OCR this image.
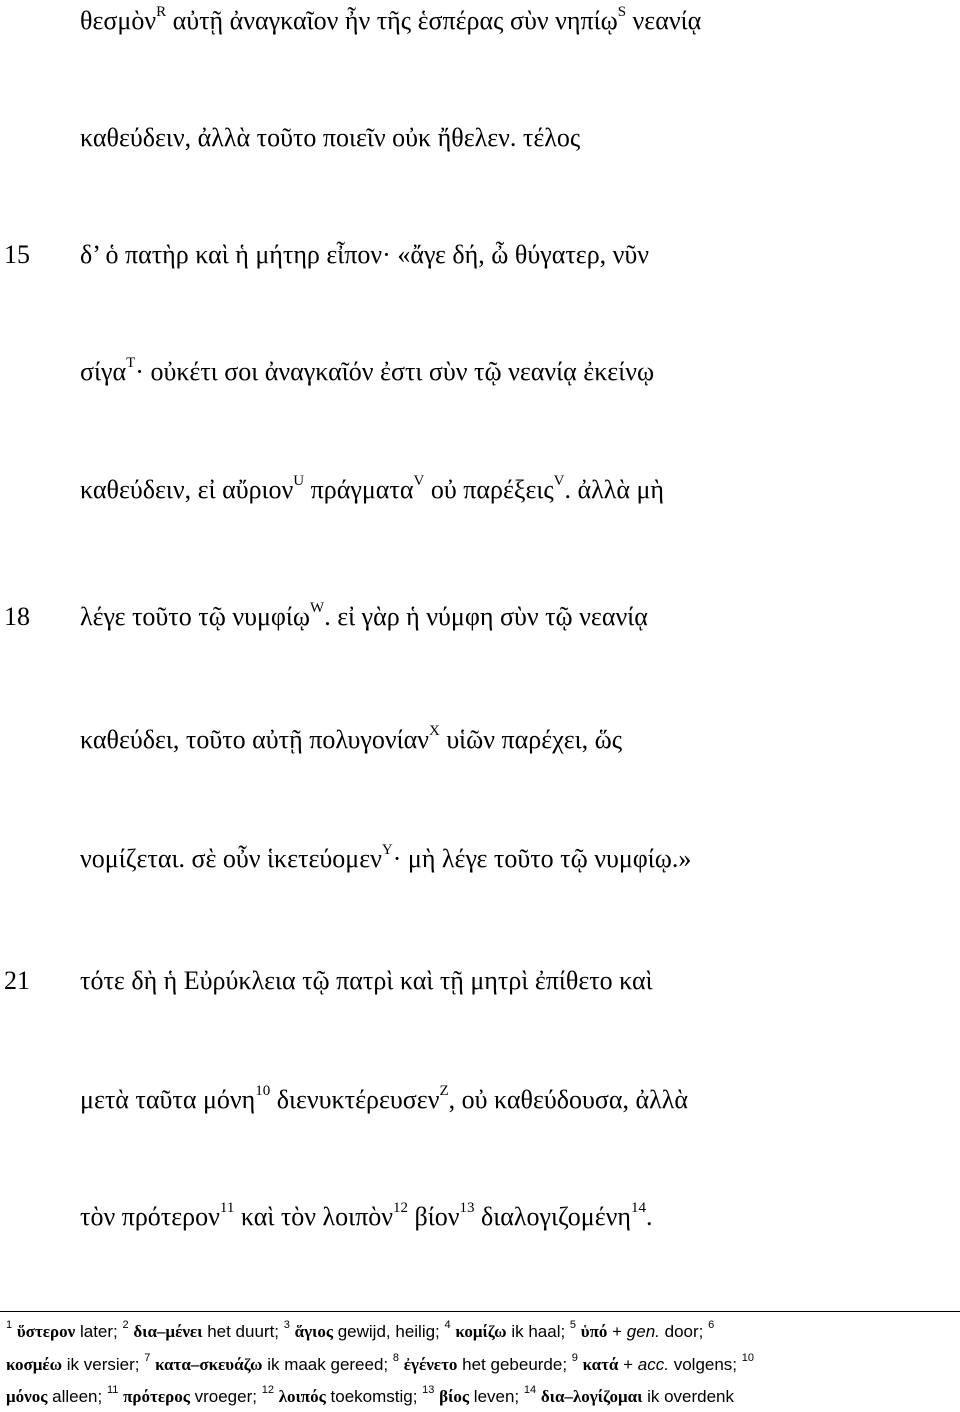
θεσμὸν$^R$ αὐτῇ ἀναγκαῖον ἦν τῆς ἑσπέρας σὺν νηπίῳ$^S$ νεανίᾳ
καθεύδειν, ἀλλὰ τοῦτο ποιεῖν οὐκ ἤθελεν. τέλος
15 δ’ ὁ πατὴρ καὶ ἡ μήτηρ εἶπον· «ἄγε δή, ὦ θύγατερ, νῦν
σίγα$^T$· οὐκέτι σοι ἀναγκαῖόν ἐστι σὺν τῷ νεανίᾳ ἐκείνῳ
καθεύδειν, εἰ αὔριον$^U$ πράγματα$^V$ οὐ παρέξεις$^V$. ἀλλὰ μὴ
18 λέγε τοῦτο τῷ νυμφίῳ$^W$. εἰ γὰρ ἡ νύμφη σὺν τῷ νεανίᾳ
καθεύδει, τοῦτο αὐτῇ πολυγονίαν$^X$ υἱῶν παρέχει, ὥς
νομίζεται. σὲ οὖν ἱκετεύομεν$^Y$· μὴ λέγε τοῦτο τῷ νυμφίῳ.»
21 τότε δὴ ἡ Εὐρύκλεια τῷ πατρὶ καὶ τῇ μητρὶ ἐπίθετο καὶ
μετὰ ταῦτα μόνη$^{10}$ διενυκτέρευσεν$^Z$, οὐ καθεύδουσα, ἀλλὰ
τὸν πρότερον$^{11}$ καὶ τὸν λοιπὸν$^{12}$ βίον$^{13}$ διαλογιζομένη$^{14}$.
$^1$ ὕστερον later; $^2$ δια–μένει het duurt; $^3$ ἅγιος gewijd, heilig; $^4$ κομίζω ik haal; $^5$ ὑπό + gen. door; $^6$
κοσμέω ik versier; $^7$ κατα–σκευάζω ik maak gereed; $^8$ ἐγένετο het gebeurde; $^9$ κατά + acc. volgens; $^{10}$
μόνος alleen; $^{11}$ πρότερος vroeger; $^{12}$ λοιπός toekomstig; $^{13}$ βίος leven; $^{14}$ δια–λογίζομαι ik overdenk
